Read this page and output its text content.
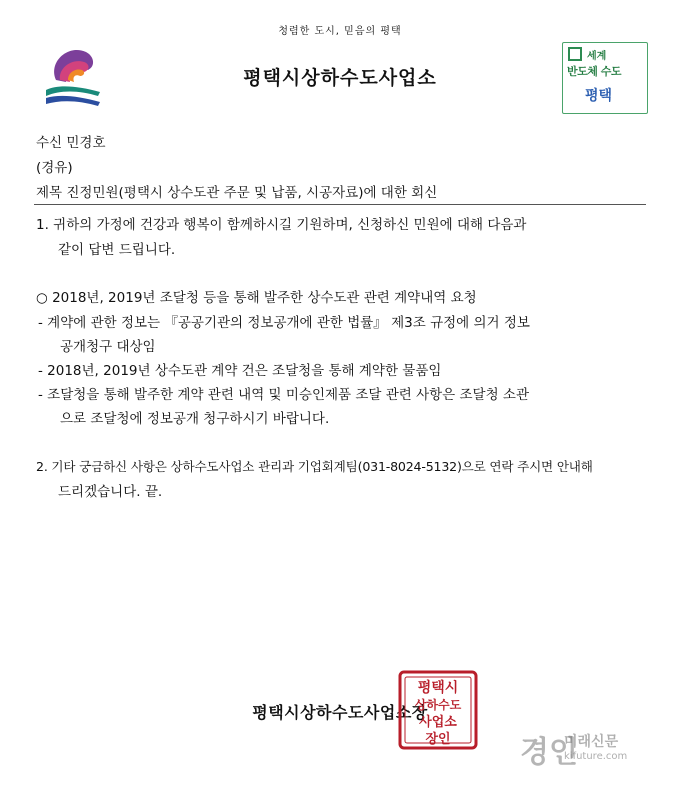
청렴한 도시, 믿음의 평택
평택시상하수도사업소
세계
반도체 수도
평택
수신 민경호
(경유)
제목 진정민원(평택시 상수도관 주문 및 납품, 시공자료)에 대한 회신
1. 귀하의 가정에 건강과 행복이 함께하시길 기원하며, 신청하신 민원에 대해 다음과
같이 답변 드립니다.
○ 2018년, 2019년 조달청 등을 통해 발주한 상수도관 관련 계약내역 요청
- 계약에 관한 정보는 『공공기관의 정보공개에 관한 법률』 제3조 규정에 의거 정보
공개청구 대상임
- 2018년, 2019년 상수도관 계약 건은 조달청을 통해 계약한 물품임
- 조달청을 통해 발주한 계약 관련 내역 및 미승인제품 조달 관련 사항은 조달청 소관
으로 조달청에 정보공개 청구하시기 바랍니다.
2. 기타 궁금하신 사항은 상하수도사업소 관리과 기업회계팀(031-8024-5132)으로 연락 주시면 안내해
드리겠습니다. 끝.
평택시상하수도사업소장
평택시
상하수도
사업소
장인 경인
미래신문
kifuture.com
